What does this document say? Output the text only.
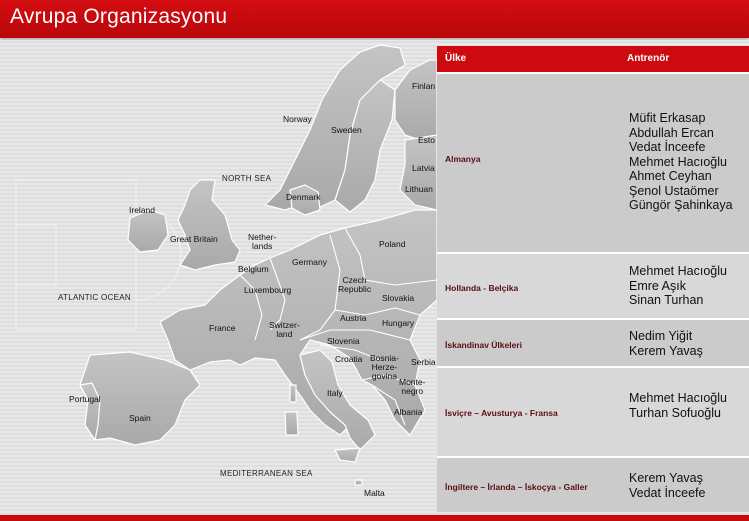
Avrupa Organizasyonu
NORTH SEA
ATLANTIC OCEAN
MEDITERRANEAN SEA
Norway
Sweden
Finlan
Esto
Latvia
Lithuan
Denmark
Ireland
Great Britain	Nether-
lands
Belgium
Luxembourg
Germany
Poland
Czech
Republic
Slovakia
Austria Hungary
Switzer-
land
France
Slovenia
Croatia Bosnia-
Herze-
govina
Serbia
Monte-
negro
Albania
Italy
Portugal
Spain
Malta
Ülke	Antrenör
Almanya
Müfit Erkasap
Abdullah Ercan
Vedat İnceefe
Mehmet Hacıoğlu
Ahmet Ceyhan
Şenol Ustaömer
Güngör Şahinkaya
Hollanda - Belçika
Mehmet Hacıoğlu
Emre Aşık
Sinan Turhan
İskandinav Ülkeleri
Nedim Yiğit
Kerem Yavaş
İsviçre – Avusturya - Fransa
Mehmet Hacıoğlu
Turhan Sofuoğlu
İngiltere – İrlanda – İskoçya - Galler
Kerem Yavaş
Vedat İnceefe
